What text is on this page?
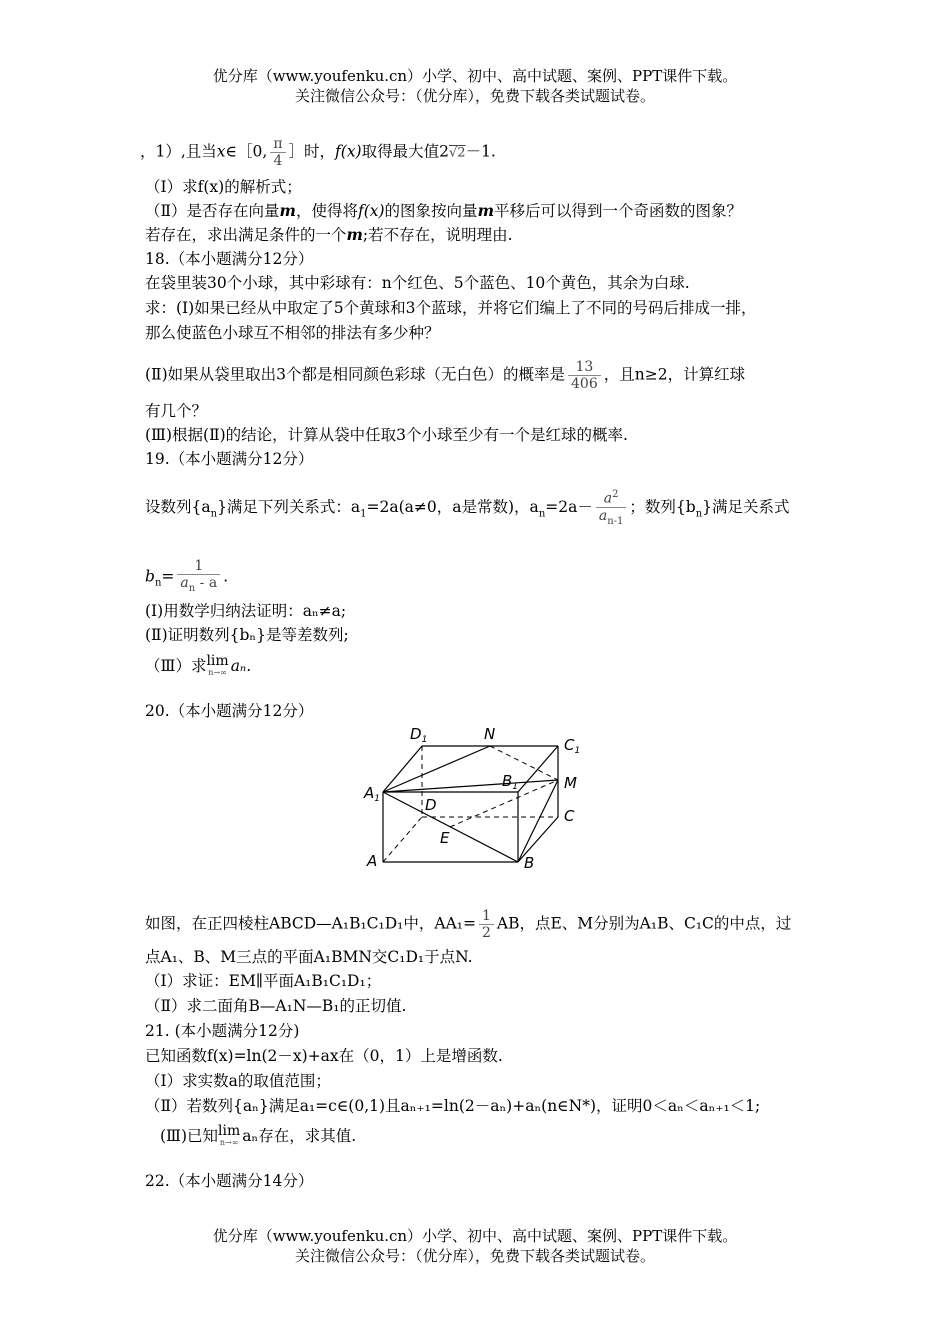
优分库（www.youfenku.cn）小学、初中、高中试题、案例、PPT课件下载。
关注微信公众号：（优分库），免费下载各类试题试卷。
，1）,且当x∈［0, $\frac{\pi}{4}$ ］时，f(x)取得最大值2√2－1.
（Ⅰ）求f(x)的解析式；
（Ⅱ）是否存在向量m，使得将f(x)的图象按向量m平移后可以得到一个奇函数的图象？
若存在，求出满足条件的一个m;若不存在，说明理由.
18.（本小题满分12分）
在袋里装30个小球，其中彩球有：n个红色、5个蓝色、10个黄色，其余为白球.
求：(Ⅰ)如果已经从中取定了5个黄球和3个蓝球，并将它们编上了不同的号码后排成一排，
那么使蓝色小球互不相邻的排法有多少种？
(Ⅱ)如果从袋里取出3个都是相同颜色彩球（无白色）的概率是 $\frac{13}{406}$ ，且n≥2，计算红球
有几个？
(Ⅲ)根据(Ⅱ)的结论，计算从袋中任取3个小球至少有一个是红球的概率.
19.（本小题满分12分）
设数列$\{a_n\}$满足下列关系式：$a_1=2a(a\ne 0$，a是常数)，$a_n=2a- \frac{a^2}{a_{n-1}}$ ；数列$\{b_n\}$满足关系式
$b_n= \frac{1}{a_n - a}$ .
(Ⅰ)用数学归纳法证明：aₙ≠a;
(Ⅱ)证明数列{bₙ}是等差数列;
（Ⅲ）求 lim
n→∞ aₙ.
20.（本小题满分12分）
$D_1$	N
$C_1$
$B_1$	M
$A_1$	D
C
E
A	B
如图，在正四棱柱ABCD—A₁B₁C₁D₁中，$AA_1= \frac{1}{2}$ AB，点E、M分别为A₁B、C₁C的中点，过
点A₁、B、M三点的平面A₁BMN交C₁D₁于点N.
（Ⅰ）求证：EM∥平面A₁B₁C₁D₁；
（Ⅱ）求二面角B—A₁N—B₁的正切值.
21. (本小题满分12分)
已知函数f(x)=ln(2－x)+ax在（0，1）上是增函数.
（Ⅰ）求实数a的取值范围；
（Ⅱ）若数列{aₙ}满足a₁=c∈(0,1)且aₙ₊₁=ln(2－aₙ)+aₙ(n∈N*)，证明0＜aₙ＜aₙ₊₁＜1;
(Ⅲ)已知 lim
n→∞ aₙ存在，求其值.
22.（本小题满分14分）
优分库（www.youfenku.cn）小学、初中、高中试题、案例、PPT课件下载。
关注微信公众号：（优分库），免费下载各类试题试卷。
